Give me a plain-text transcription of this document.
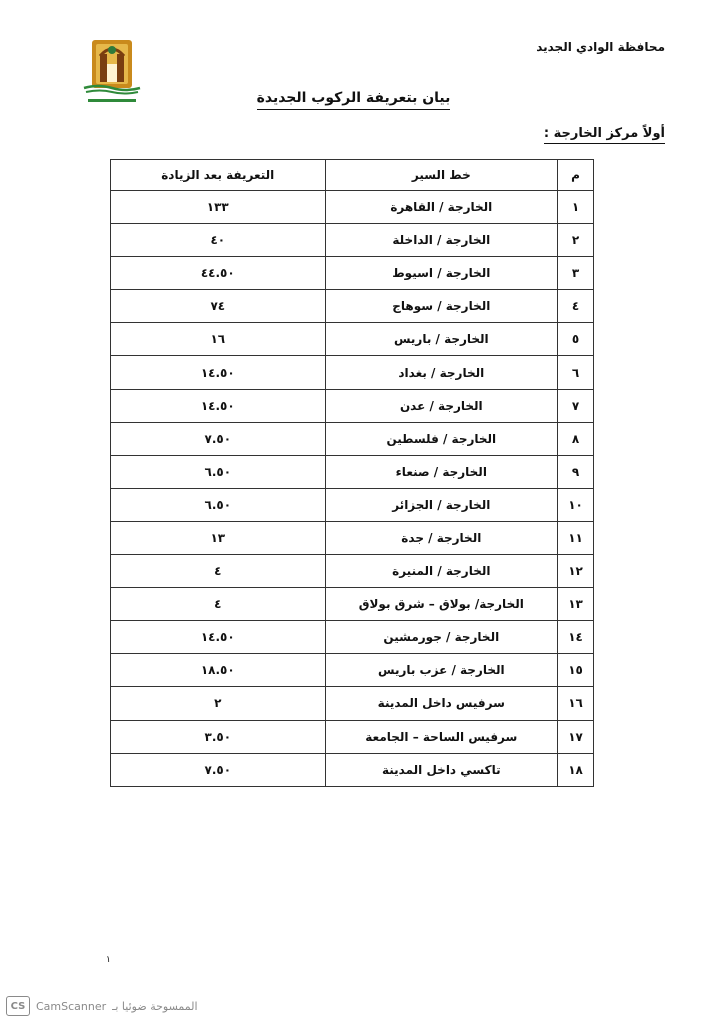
محافظة الوادي الجديد
بيان بتعريفة الركوب الجديدة
أولاً مركز الخارجة :
م	خط السير	التعريفة بعد الزيادة
١	الخارجة / القاهرة	١٣٣
٢	الخارجة / الداخلة	٤٠
٣	الخارجة / اسيوط	٤٤.٥٠
٤	الخارجة / سوهاج	٧٤
٥	الخارجة / باريس	١٦
٦	الخارجة / بغداد	١٤.٥٠
٧	الخارجة / عدن	١٤.٥٠
٨	الخارجة / فلسطين	٧.٥٠
٩	الخارجة / صنعاء	٦.٥٠
١٠	الخارجة / الجزائر	٦.٥٠
١١	الخارجة / جدة	١٣
١٢	الخارجة / المنيرة	٤
١٣	الخارجة/ بولاق – شرق بولاق	٤
١٤	الخارجة / جورمشين	١٤.٥٠
١٥	الخارجة / عزب باريس	١٨.٥٠
١٦	سرفيس داخل المدينة	٢
١٧	سرفيس الساحة – الجامعة	٣.٥٠
١٨	تاكسي داخل المدينة	٧.٥٠
١
CS CamScanner الممسوحة ضوئيا بـ
